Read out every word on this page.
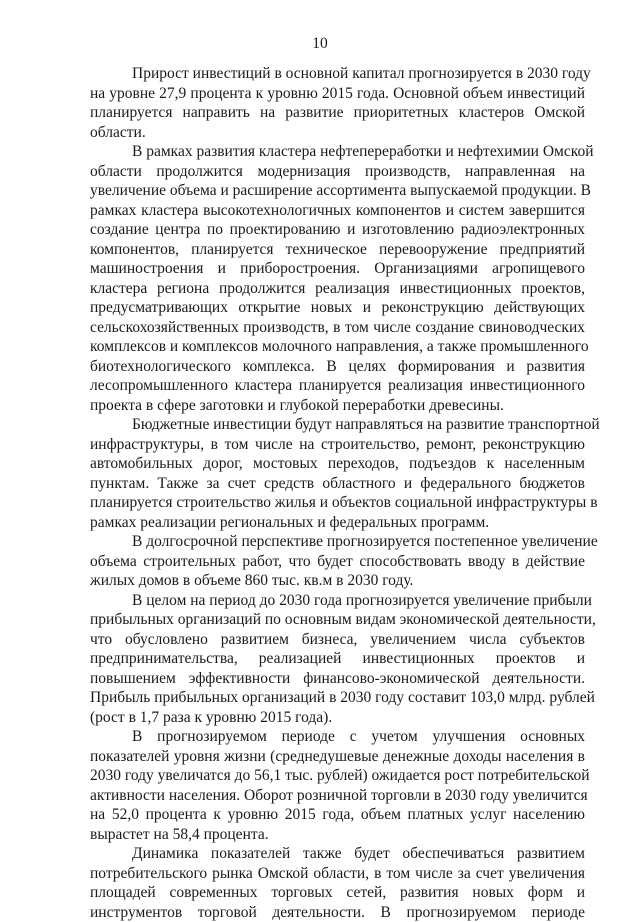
10

Прирост инвестиций в основной капитал прогнозируется в 2030 году
на уровне 27,9 процента к уровню 2015 года. Основной объем инвестиций
планируется направить на развитие приоритетных кластеров Омской
области.

В рамках развития кластера нефтепереработки и нефтехимии Омской
области продолжится модернизация производств, направленная на
увеличение объема и расширение ассортимента выпускаемой продукции. В
рамках кластера высокотехнологичных компонентов и систем завершится
создание центра по проектированию и изготовлению радиоэлектронных
компонентов, планируется техническое перевооружение предприятий
машиностроения и приборостроения. Организациями агропищевого
кластера региона продолжится реализация инвестиционных проектов,
предусматривающих открытие новых и реконструкцию действующих
сельскохозяйственных производств, в том числе создание свиноводческих
комплексов и комплексов молочного направления, а также промышленного
биотехнологического комплекса. В целях формирования и развития
лесопромышленного кластера планируется реализация инвестиционного
проекта в сфере заготовки и глубокой переработки древесины.

Бюджетные инвестиции будут направляться на развитие транспортной
инфраструктуры, в том числе на строительство, ремонт, реконструкцию
автомобильных дорог, мостовых переходов, подъездов к населенным
пунктам. Также за счет средств областного и федерального бюджетов
планируется строительство жилья и объектов социальной инфраструктуры в
рамках реализации региональных и федеральных программ.

В долгосрочной перспективе прогнозируется постепенное увеличение
объема строительных работ, что будет способствовать вводу в действие
жилых домов в объеме 860 тыс. кв.м в 2030 году.

В целом на период до 2030 года прогнозируется увеличение прибыли
прибыльных организаций по основным видам экономической деятельности,
что обусловлено развитием бизнеса, увеличением числа субъектов
предпринимательства, реализацией инвестиционных проектов и
повышением эффективности финансово-экономической деятельности.
Прибыль прибыльных организаций в 2030 году составит 103,0 млрд. рублей
(рост в 1,7 раза к уровню 2015 года).

В прогнозируемом периоде с учетом улучшения основных
показателей уровня жизни (среднедушевые денежные доходы населения в
2030 году увеличатся до 56,1 тыс. рублей) ожидается рост потребительской
активности населения. Оборот розничной торговли в 2030 году увеличится
на 52,0 процента к уровню 2015 года, объем платных услуг населению
вырастет на 58,4 процента.

Динамика показателей также будет обеспечиваться развитием
потребительского рынка Омской области, в том числе за счет увеличения
площадей современных торговых сетей, развития новых форм и
инструментов торговой деятельности. В прогнозируемом периоде
